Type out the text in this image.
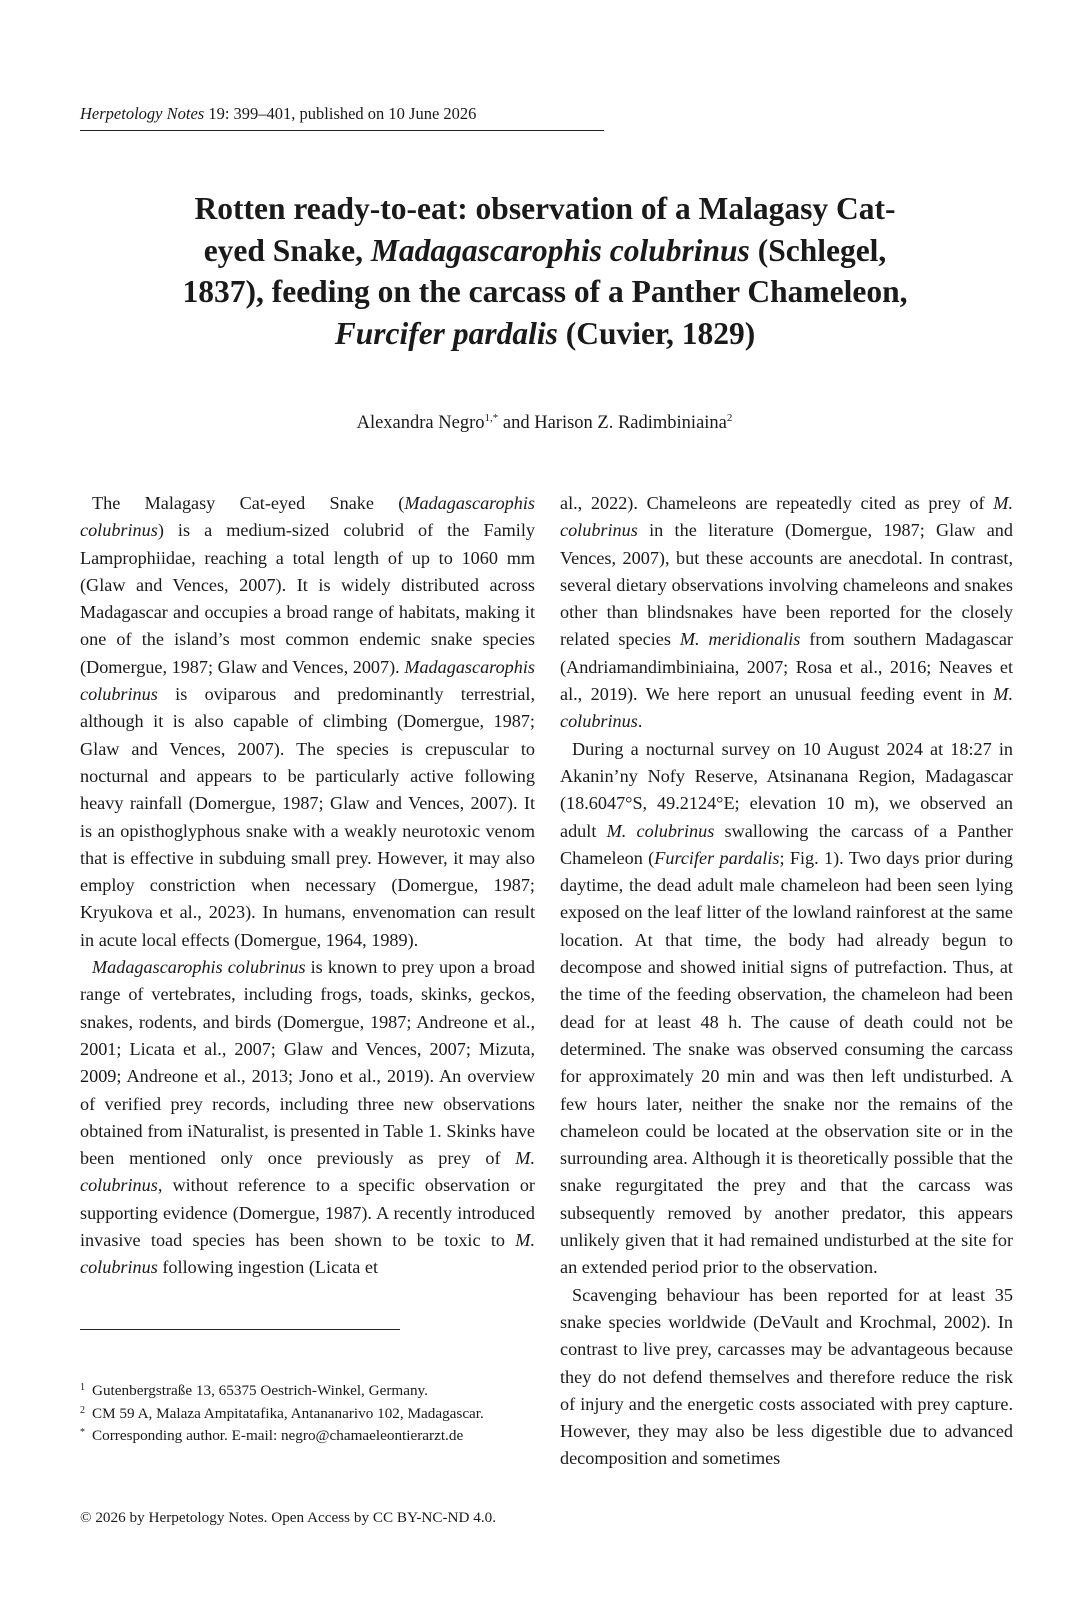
Herpetology Notes 19: 399–401, published on 10 June 2026
Rotten ready-to-eat: observation of a Malagasy Cat-
eyed Snake, Madagascarophis colubrinus (Schlegel,
1837), feeding on the carcass of a Panther Chameleon,
Furcifer pardalis (Cuvier, 1829)
Alexandra Negro$^{1,*}$ and Harison Z. Radimbiniaina$^2$

The Malagasy Cat-eyed Snake (Madagascarophis colubrinus) is a medium-sized colubrid of the Family Lamprophiidae, reaching a total length of up to 1060 mm (Glaw and Vences, 2007). It is widely distributed across Madagascar and occupies a broad range of habitats, making it one of the island’s most common endemic snake species (Domergue, 1987; Glaw and Vences, 2007). Madagascarophis colubrinus is oviparous and predominantly terrestrial, although it is also capable of climbing (Domergue, 1987; Glaw and Vences, 2007). The species is crepuscular to nocturnal and appears to be particularly active following heavy rainfall (Domergue, 1987; Glaw and Vences, 2007). It is an opisthoglyphous snake with a weakly neurotoxic venom that is effective in subduing small prey. However, it may also employ constriction when necessary (Domergue, 1987; Kryukova et al., 2023). In humans, envenomation can result in acute local effects (Domergue, 1964, 1989).

Madagascarophis colubrinus is known to prey upon a broad range of vertebrates, including frogs, toads, skinks, geckos, snakes, rodents, and birds (Domergue, 1987; Andreone et al., 2001; Licata et al., 2007; Glaw and Vences, 2007; Mizuta, 2009; Andreone et al., 2013; Jono et al., 2019). An overview of verified prey records, including three new observations obtained from iNaturalist, is presented in Table 1. Skinks have been mentioned only once previously as prey of M. colubrinus, without reference to a specific observation or supporting evidence (Domergue, 1987). A recently introduced invasive toad species has been shown to be toxic to M. colubrinus following ingestion (Licata et

al., 2022). Chameleons are repeatedly cited as prey of M. colubrinus in the literature (Domergue, 1987; Glaw and Vences, 2007), but these accounts are anecdotal. In contrast, several dietary observations involving chameleons and snakes other than blindsnakes have been reported for the closely related species M. meridionalis from southern Madagascar (Andriamandimbiniaina, 2007; Rosa et al., 2016; Neaves et al., 2019). We here report an unusual feeding event in M. colubrinus.

During a nocturnal survey on 10 August 2024 at 18:27 in Akanin’ny Nofy Reserve, Atsinanana Region, Madagascar (18.6047°S, 49.2124°E; elevation 10 m), we observed an adult M. colubrinus swallowing the carcass of a Panther Chameleon (Furcifer pardalis; Fig. 1). Two days prior during daytime, the dead adult male chameleon had been seen lying exposed on the leaf litter of the lowland rainforest at the same location. At that time, the body had already begun to decompose and showed initial signs of putrefaction. Thus, at the time of the feeding observation, the chameleon had been dead for at least 48 h. The cause of death could not be determined. The snake was observed consuming the carcass for approximately 20 min and was then left undisturbed. A few hours later, neither the snake nor the remains of the chameleon could be located at the observation site or in the surrounding area. Although it is theoretically possible that the snake regurgitated the prey and that the carcass was subsequently removed by another predator, this appears unlikely given that it had remained undisturbed at the site for an extended period prior to the observation.

Scavenging behaviour has been reported for at least 35 snake species worldwide (DeVault and Krochmal, 2002). In contrast to live prey, carcasses may be advantageous because they do not defend themselves and therefore reduce the risk of injury and the energetic costs associated with prey capture. However, they may also be less digestible due to advanced decomposition and sometimes

1 Gutenbergstraße 13, 65375 Oestrich-Winkel, Germany.
2 CM 59 A, Malaza Ampitatafika, Antananarivo 102, Madagascar.
* Corresponding author. E-mail: negro@chamaeleontierarzt.de
© 2026 by Herpetology Notes. Open Access by CC BY-NC-ND 4.0.
